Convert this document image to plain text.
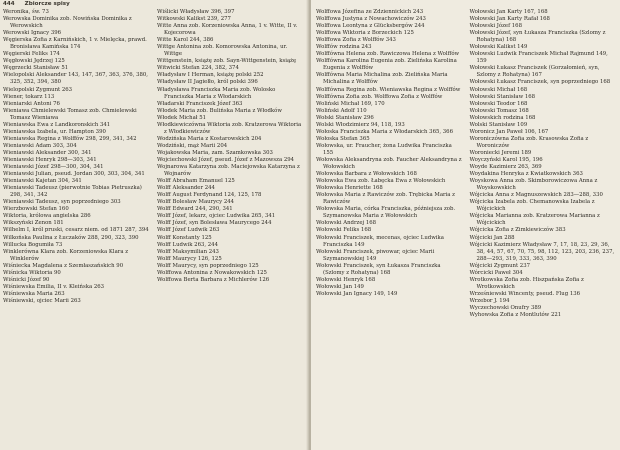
444 Zbiorcze spisy

Weronika, św. 73

Werowska Dominika zob. Nowińska Dominika z Werowskich

Werowski Ignacy 396

Węgierska Zofia z Karnińskich, 1 v. Mielęcka, prawd. Bronisława Kamińska 174

Węgierski Feliks 174

Węgłowski Jędrzej 125

Węgrzecki Stanisław 51

Wielopolski Aleksander 143, 147, 367, 363, 376, 380, 325, 352, 394, 380

Wielopolski Zygmunt 263

Wiener, tokarz 113

Wieniarski Antoni 76

Wieniawa Chmielewski Tomasz zob. Chmielewski Tomasz Wieniawa

Wieniawska Ewa z Landkoronskich 341

Wieniawska Izabela, ur. Hampton 390

Wieniawska Regina z Wolffów 298, 299, 341, 342

Wieniawski Adam 303, 304

Wieniawski Aleksander 300, 341

Wieniawski Henryk 298—303, 341

Wieniawski Józef 298—300, 304, 341

Wieniawski Julian, pseud. Jordan 300, 303, 304, 341

Wieniawski Kajetan 304, 341

Wieniawski Tadeusz (pierwotnie Tobias Pietruszka) 298, 341, 342

Wieniawski Tadeusz, syn poprzedniego 303

Wierzbowski Stefan 160

Wiktoria, królowa angielska 286

Wikszyński Zenon 181

Wilhelm I, król pruski, cesarz niem. od 1871 287, 394

Wilkońska Paulina z Łuczaków 288, 290, 323, 390

Willucka Bogumiła 73

Winklerówna Klara zob. Korzeniowska Klara z Winklerów

Wiśniecka Magdalena z Szemłaszańskich 90

Wiśnicka Wiktoria 90

Wiśnicki Józef 90

Wiśniewska Emilia, II v. Kleińska 263

Wiśniewska Maria 263

Wiśniewski, ojciec Marii 263

Wiślicki Władysław 396, 397

Witkowski Kalikst 239, 277

Witte Anna zob. Korzeniowska Anna, 1 v. Witte, II v. Kojecorowa

Witte Karol 244, 386

Wittge Antonina zob. Komorowska Antonina, ur. Wittge

Wittgenstein, książę zob. Sayn-Wittgenstein, książę

Witwicki Stefan 224, 382, 374

Władysław I Herman, książę polski 252

Władysław II Jagiełło, król polski 396

Władysława Franciszka Maria zob. Wolosko Franciszka Maria z Włodarskich

Władarski Franciszek Józef 363

Włodek Maria zob. Bulińska Maria z Włodków

Włodek Michał 51

Włodkiewiczówna Wiktoria zob. Kratzerowa Wiktoria z Włodkiewiczów

Wodzińska Maria z Kostarowskich 204

Wodziński, mąż Marii 204

Wojakowska Maria, zam. Szamkowska 303

Wojciechowski Józef, pseud. Józef z Mazowsza 294

Wojnarowa Katarzyna zob. Maciejowska Katarzyna z Wojnarów

Wolff Abraham Emanuel 125

Wolff Aleksander 244

Wolff August Ferdynand 124, 125, 178

Wolff Bolesław Maurycy 244

Wolff Edward 244, 290, 341

Wolff Józef, lekarz, ojciec Ludwika 265, 341

Wolff Józef, syn Bolesława Maurycego 244

Wolff Józef Ludwik 263

Wolff Konstanty 125

Wolff Ludwik 263, 244

Wolff Maksymilian 243

Wolff Maurycy 126, 125

Wolff Maurycy, syn poprzedniego 125

Wolffowa Antonina z Nowakowskich 125

Wolffowa Berta Barbara z Michlerów 126

Wolffowa Józefina ze Zdziennickich 243

Wolffowa Justyna z Nowachowiczów 243

Wolffowa Leontyna z Glücksbergów 244

Wolffowa Wiktoria z Borzeckich 125

Wolffowa Zofia z Wolffów 343

Wolffów rodzina 243

Wolffówna Helena zob. Rawiczowa Helena z Wolffów

Wolffówna Karolina Eugenia zob. Zielińska Karolina Eugenia z Wolffów

Wolffówna Maria Michalina zob. Zielińska Maria Michalina z Wolffów

Wolffówna Regina zob. Wieniawska Regina z Wolffów

Wolffówna Zofia zob. Wolffowa Zofia z Wolffów

Woliński Michał 169, 170

Woliński Adolf 110

Wołski Stanisław 296

Wolski Włodzimierz 94, 118, 193

Wołoska Franciszka Maria z Włodarskich 365, 366

Wołoska Stefan 365

Wołowska, ur. Fraucher, żona Ludwika Franciszka 155

Wołowska Aleksandryna zob. Faucher Aleksandryna z Wołowskich

Wołowska Barbara z Wołowskich 168

Wołowska Ewa zob. Łabęcka Ewa z Wołowskich

Wołowska Henriette 168

Wołowska Maria z Rawiczów zob. Trębicka Maria z Rawiczów

Wołowska Maria, córka Franciszka, późniejsza zob. Szymanowska Maria z Wołowskich

Wołowski Andrzej 168

Wołowski Feliks 168

Wołowski Franciszek, mecenas, ojciec Ludwika Franciszka 149

Wołowski Franciszek, piwowar, ojciec Marii Szymanowskiej 149

Wołowski Franciszek, syn Łukasza Franciszka (Szlomy z Rohatyna) 168

Wołowski Henryk 168

Wołowski Jan 149

Wołowski Jan Ignacy 149, 149

Wołowski Jan Karty 167, 168

Wołowski Jan Karty Rafał 168

Wołowski Józef 168

Wołowski Józef, syn Łukasza Franciszka (Szlomy z Rohatyna) 168

Wołowski Kalikst 149

Wołowski Ludwik Franciszek Michał Rajmund 149, 159

Wołowski Łukasz Franciszek (Gorzałomień, syn, Szlomy z Rohatyna) 167

Wołowski Łukasz Franciszek, syn poprzedniego 168

Wołowski Michał 168

Wołowski Stanisław 168

Wołowski Teodor 168

Wołowski Tomasz 168

Wołowskich rodzina 168

Wolski Stanisław 109

Woronicz Jan Paweł 106, 167

Woroniczówna Zofia zob. Krasowska Zofia z Woroniczów

Woroniecki Jeremi 189

Woyczyński Karol 195, 196

Woyde Kazimierz 263, 369

Woydakina Henryka z Kwiatkowskich 363

Woyskowa Anna zob. Skimborowiczowa Anna z Woyskowskich

Wójcicka Anna z Magnuszewskich 283—288, 330

Wójcicka Izabela zob. Chemanowska Izabela z Wójcickich

Wójcicka Marianna zob. Kratzerowa Marianna z Wójcickich

Wójcicka Zofia z Zimkiewiczów 383

Wójcicki Jan 288

Wójcicki Kazimierz Władysław 7, 17, 18, 23, 29, 36, 38, 44, 57, 67, 70, 75, 98, 112, 123, 203, 236, 237, 288—293, 319, 333, 363, 390

Wójcicki Zygmunt 237

Wórcicki Paweł 304

Wrotkowska Zofia zob. Hiszpańska Zofia z Wrotkowskich

Wrześniewski Wincenty, pseud. Flug 136

Wrzebor J. 194

Wyczechowski Onufry 389

Wyhowska Zofia z Montlutów 221
